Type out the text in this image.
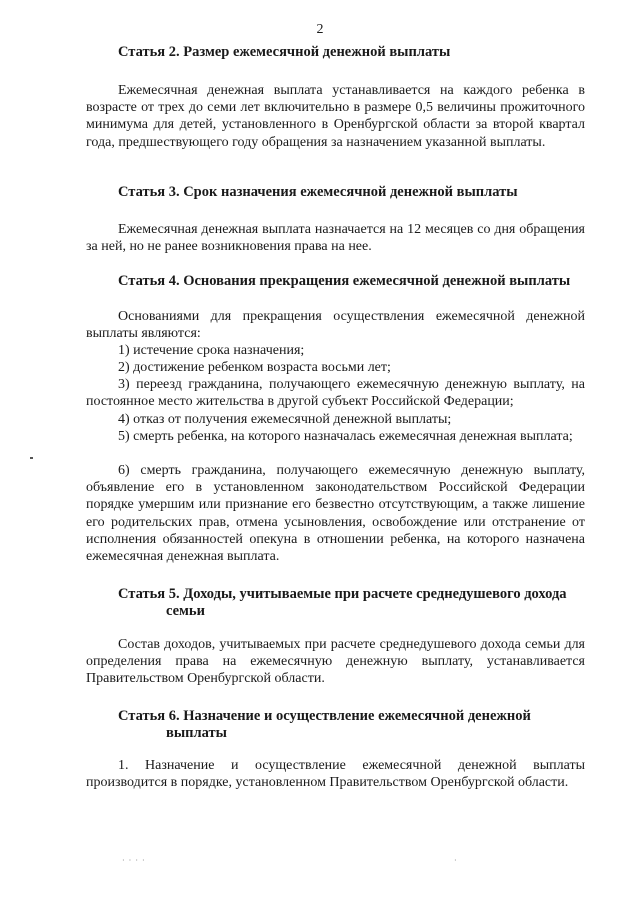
2
Статья 2. Размер ежемесячной денежной выплаты
Ежемесячная денежная выплата устанавливается на каждого ребенка в возрасте от трех до семи лет включительно в размере 0,5 величины прожиточного минимума для детей, установленного в Оренбургской области за второй квартал года, предшествующего году обращения за назначением указанной выплаты.
Статья 3. Срок назначения ежемесячной денежной выплаты
Ежемесячная денежная выплата назначается на 12 месяцев со дня обращения за ней, но не ранее возникновения права на нее.
Статья 4. Основания прекращения ежемесячной денежной выплаты
Основаниями для прекращения осуществления ежемесячной денежной выплаты являются:
1) истечение срока назначения;
2) достижение ребенком возраста восьми лет;
3) переезд гражданина, получающего ежемесячную денежную выплату, на постоянное место жительства в другой субъект Российской Федерации;
4) отказ от получения ежемесячной денежной выплаты;
5) смерть ребенка, на которого назначалась ежемесячная денежная выплата;
6) смерть гражданина, получающего ежемесячную денежную выплату, объявление его в установленном законодательством Российской Федерации порядке умершим или признание его безвестно отсутствующим, а также лишение его родительских прав, отмена усыновления, освобождение или отстранение от исполнения обязанностей опекуна в отношении ребенка, на которого назначена ежемесячная денежная выплата.
Статья 5. Доходы, учитываемые при расчете среднедушевого дохода
семьи
Состав доходов, учитываемых при расчете среднедушевого дохода семьи для определения права на ежемесячную денежную выплату, устанавливается Правительством Оренбургской области.
Статья 6. Назначение и осуществление ежемесячной денежной
выплаты
1. Назначение и осуществление ежемесячной денежной выплаты производится в порядке, установленном Правительством Оренбургской области.
· · · ·	·
